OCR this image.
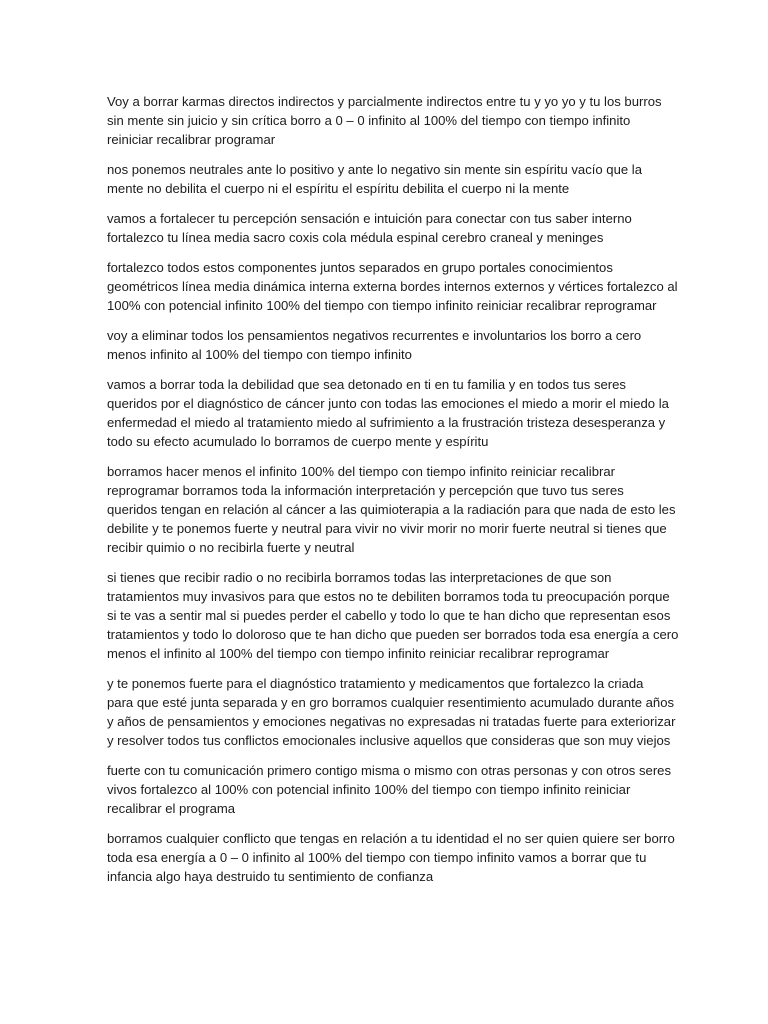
Voy a borrar karmas directos indirectos y parcialmente indirectos entre tu y yo yo y tu los burros
sin mente sin juicio y sin crítica borro a 0 – 0 infinito al 100% del tiempo con tiempo infinito
reiniciar recalibrar programar

nos ponemos neutrales ante lo positivo y ante lo negativo sin mente sin espíritu vacío que la
mente no debilita el cuerpo ni el espíritu el espíritu debilita el cuerpo ni la mente

vamos a fortalecer tu percepción sensación e intuición para conectar con tus saber interno
fortalezco tu línea media sacro coxis cola médula espinal cerebro craneal y meninges

fortalezco todos estos componentes juntos separados en grupo portales conocimientos
geométricos línea media dinámica interna externa bordes internos externos y vértices fortalezco al
100% con potencial infinito 100% del tiempo con tiempo infinito reiniciar recalibrar reprogramar

voy a eliminar todos los pensamientos negativos recurrentes e involuntarios los borro a cero
menos infinito al 100% del tiempo con tiempo infinito

vamos a borrar toda la debilidad que sea detonado en ti en tu familia y en todos tus seres
queridos por el diagnóstico de cáncer junto con todas las emociones el miedo a morir el miedo la
enfermedad el miedo al tratamiento miedo al sufrimiento a la frustración tristeza desesperanza y
todo su efecto acumulado lo borramos de cuerpo mente y espíritu

borramos hacer menos el infinito 100% del tiempo con tiempo infinito reiniciar recalibrar
reprogramar borramos toda la información interpretación y percepción que tuvo tus seres
queridos tengan en relación al cáncer a las quimioterapia a la radiación para que nada de esto les
debilite y te ponemos fuerte y neutral para vivir no vivir morir no morir fuerte neutral si tienes que
recibir quimio o no recibirla fuerte y neutral

si tienes que recibir radio o no recibirla borramos todas las interpretaciones de que son
tratamientos muy invasivos para que estos no te debiliten borramos toda tu preocupación porque
si te vas a sentir mal si puedes perder el cabello y todo lo que te han dicho que representan esos
tratamientos y todo lo doloroso que te han dicho que pueden ser borrados toda esa energía a cero
menos el infinito al 100% del tiempo con tiempo infinito reiniciar recalibrar reprogramar

y te ponemos fuerte para el diagnóstico tratamiento y medicamentos que fortalezco la criada
para que esté junta separada y en gro borramos cualquier resentimiento acumulado durante años
y años de pensamientos y emociones negativas no expresadas ni tratadas fuerte para exteriorizar
y resolver todos tus conflictos emocionales inclusive aquellos que consideras que son muy viejos

fuerte con tu comunicación primero contigo misma o mismo con otras personas y con otros seres
vivos fortalezco al 100% con potencial infinito 100% del tiempo con tiempo infinito reiniciar
recalibrar el programa

borramos cualquier conflicto que tengas en relación a tu identidad el no ser quien quiere ser borro
toda esa energía a 0 – 0 infinito al 100% del tiempo con tiempo infinito vamos a borrar que tu
infancia algo haya destruido tu sentimiento de confianza
